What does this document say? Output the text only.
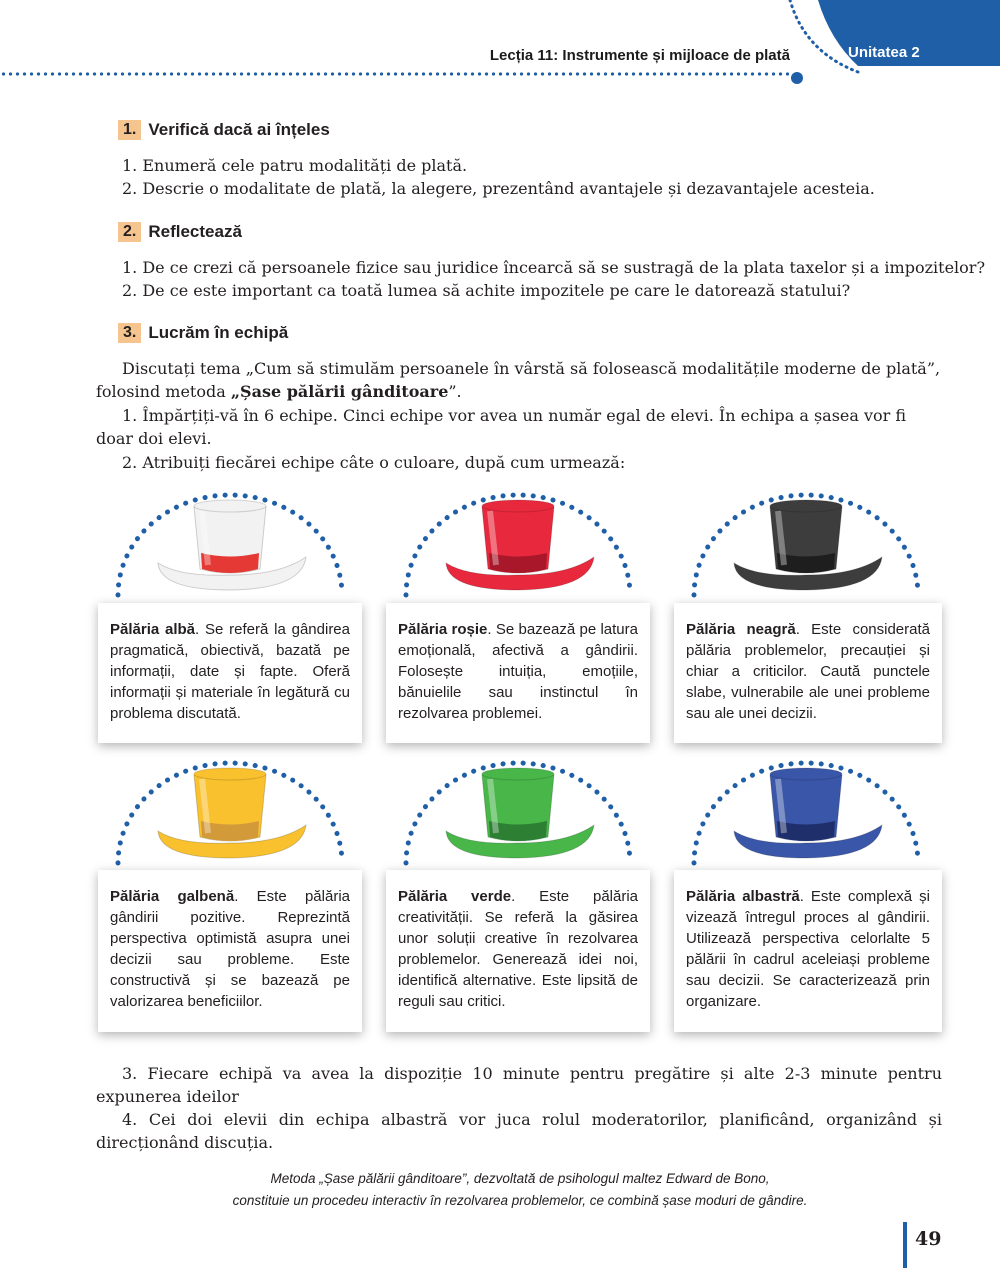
Lecția 11: Instrumente și mijloace de plată	Unitatea 2
1. Verifică dacă ai înțeles
1. Enumeră cele patru modalități de plată.
2. Descrie o modalitate de plată, la alegere, prezentând avantajele și dezavantajele acesteia.
2. Reflectează
1. De ce crezi că persoanele fizice sau juridice încearcă să se sustragă de la plata taxelor și a impozitelor?
2. De ce este important ca toată lumea să achite impozitele pe care le datorează statului?
3. Lucrăm în echipă
Discutați tema „Cum să stimulăm persoanele în vârstă să folosească modalitățile moderne de plată”, folosind metoda „Șase pălării gânditoare”.
1. Împărțiți-vă în 6 echipe. Cinci echipe vor avea un număr egal de elevi. În echipa a șasea vor fi doar doi elevi.
2. Atribuiți fiecărei echipe câte o culoare, după cum urmează:
Pălăria albă. Se referă la gândirea pragmatică, obiectivă, bazată pe informații, date și fapte. Oferă informații și materiale în legătură cu problema discutată.
Pălăria roșie. Se bazează pe latura emoțională, afectivă a gândirii. Folosește intuiția, emoțiile, bănuielile sau instinctul în rezolvarea problemei.
Pălăria neagră. Este considerată pălăria problemelor, precauției și chiar a criticilor. Caută punctele slabe, vulnerabile ale unei probleme sau ale unei decizii.
Pălăria galbenă. Este pălăria gândirii pozitive. Reprezintă perspectiva optimistă asupra unei decizii sau probleme. Este constructivă și se bazează pe valorizarea beneficiilor.
Pălăria verde. Este pălăria creativității. Se referă la găsirea unor soluții creative în rezolvarea problemelor. Generează idei noi, identifică alternative. Este lipsită de reguli sau critici.
Pălăria albastră. Este complexă și vizează întregul proces al gândirii. Utilizează perspectiva celorlalte 5 pălării în cadrul aceleiași probleme sau decizii. Se caracterizează prin organizare.
3. Fiecare echipă va avea la dispoziție 10 minute pentru pregătire și alte 2-3 minute pentru expunerea ideilor
4. Cei doi elevii din echipa albastră vor juca rolul moderatorilor, planificând, organizând și direcționând discuția.
Metoda „Șase pălării gânditoare”, dezvoltată de psihologul maltez Edward de Bono,
constituie un procedeu interactiv în rezolvarea problemelor, ce combină șase moduri de gândire.
49
